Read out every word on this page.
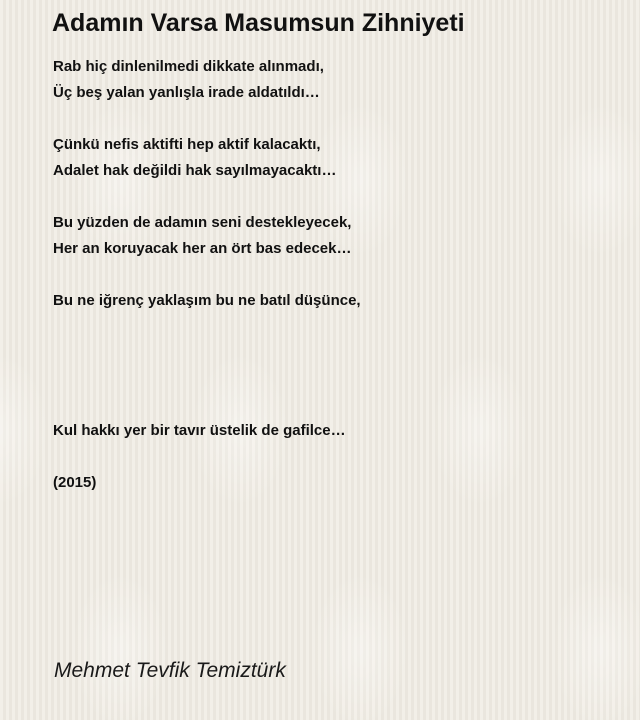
Adamın Varsa Masumsun Zihniyeti
Rab hiç dinlenilmedi dikkate alınmadı,
Üç beş yalan yanlışla irade aldatıldı…
Çünkü nefis aktifti hep aktif kalacaktı,
Adalet hak değildi hak sayılmayacaktı…
Bu yüzden de adamın seni destekleyecek,
Her an koruyacak her an ört bas edecek…
Bu ne iğrenç yaklaşım bu ne batıl düşünce,
Kul hakkı yer bir tavır üstelik de gafilce…
(2015)
Mehmet Tevfik Temiztürk
